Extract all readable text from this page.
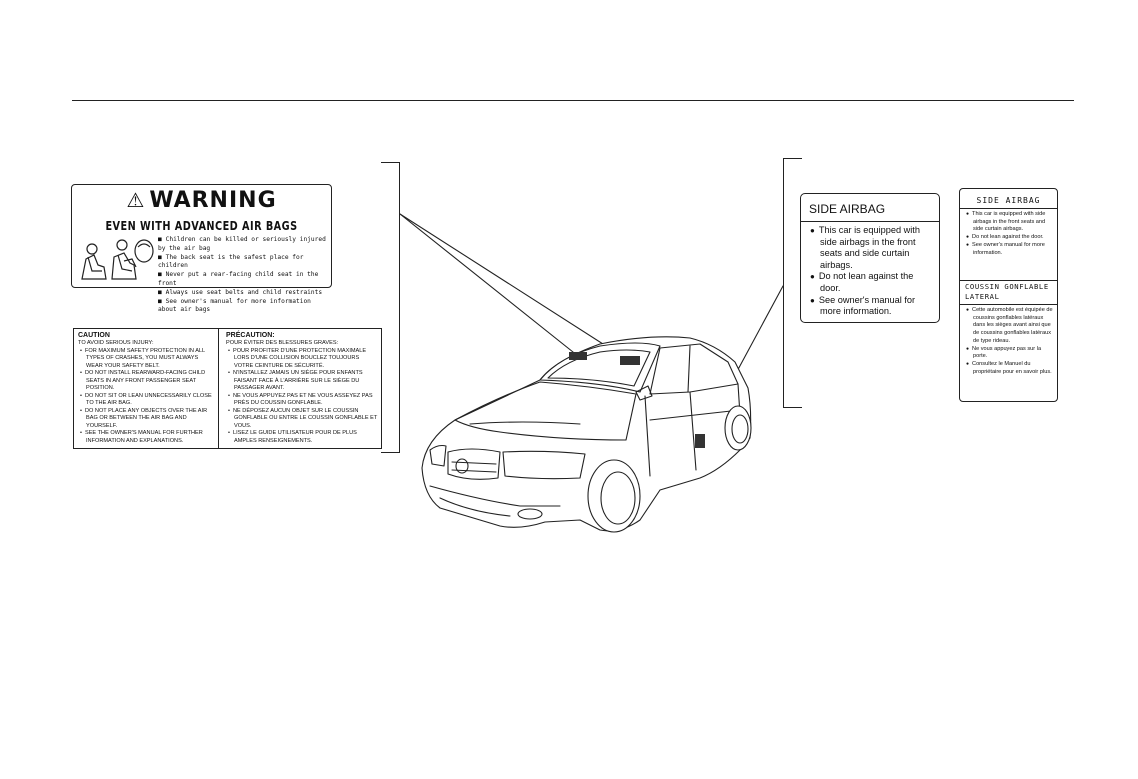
⚠ WARNING
EVEN WITH ADVANCED AIR BAGS
■ Children can be killed or seriously injured by the air bag
■ The back seat is the safest place for children
■ Never put a rear-facing child seat in the front
■ Always use seat belts and child restraints
■ See owner's manual for more information about air bags
CAUTION
TO AVOID SERIOUS INJURY:
• FOR MAXIMUM SAFETY PROTECTION IN ALL TYPES OF CRASHES, YOU MUST ALWAYS WEAR YOUR SAFETY BELT.
• DO NOT INSTALL REARWARD-FACING CHILD SEATS IN ANY FRONT PASSENGER SEAT POSITION.
• DO NOT SIT OR LEAN UNNECESSARILY CLOSE TO THE AIR BAG.
• DO NOT PLACE ANY OBJECTS OVER THE AIR BAG OR BETWEEN THE AIR BAG AND YOURSELF.
• SEE THE OWNER'S MANUAL FOR FURTHER INFORMATION AND EXPLANATIONS.
PRÉCAUTION:
POUR ÉVITER DES BLESSURES GRAVES:
• POUR PROFITER D'UNE PROTECTION MAXIMALE LORS D'UNE COLLISION BOUCLEZ TOUJOURS VOTRE CEINTURE DE SÉCURITÉ.
• N'INSTALLEZ JAMAIS UN SIÈGE POUR ENFANTS FAISANT FACE À L'ARRIÈRE SUR LE SIÈGE DU PASSAGER AVANT.
• NE VOUS APPUYEZ PAS ET NE VOUS ASSEYEZ PAS PRÈS DU COUSSIN GONFLABLE.
• NE DÉPOSEZ AUCUN OBJET SUR LE COUSSIN GONFLABLE OU ENTRE LE COUSSIN GONFLABLE ET VOUS.
• LISEZ LE GUIDE UTILISATEUR POUR DE PLUS AMPLES RENSEIGNEMENTS.
SIDE AIRBAG
● This car is equipped with side airbags in the front seats and side curtain airbags.
● Do not lean against the door.
● See owner's manual for more information.
SIDE AIRBAG
● This car is equipped with side airbags in the front seats and side curtain airbags.
● Do not lean against the door.
● See owner's manual for more information.
COUSSIN GONFLABLE
LATERAL
● Cette automobile est équipée de coussins gonflables latéraux dans les sièges avant ainsi que de coussins gonflables latéraux de type rideau.
● Ne vous appuyez pas sur la porte.
● Consultez le Manuel du propriétaire pour en savoir plus.
